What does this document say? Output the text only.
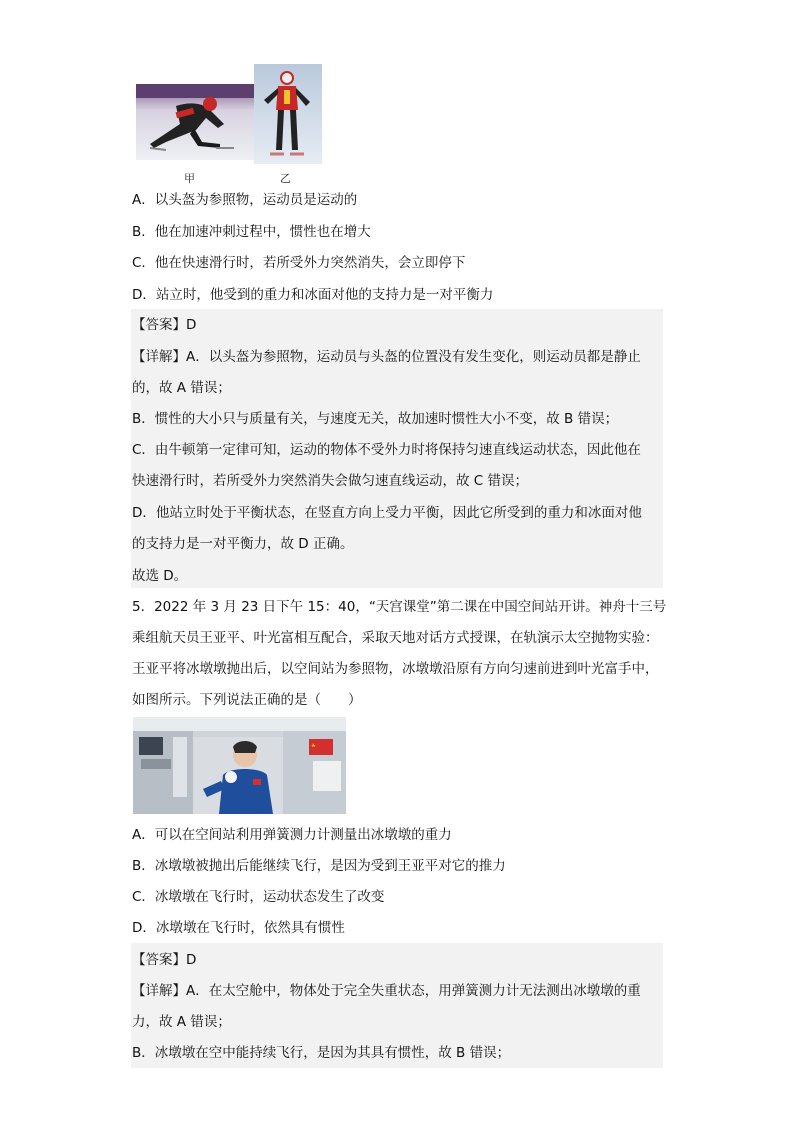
甲	乙
A．以头盔为参照物，运动员是运动的
B．他在加速冲刺过程中，惯性也在增大
C．他在快速滑行时，若所受外力突然消失，会立即停下
D．站立时，他受到的重力和冰面对他的支持力是一对平衡力
【答案】D
【详解】A．以头盔为参照物，运动员与头盔的位置没有发生变化，则运动员都是静止
的，故 A 错误；
B．惯性的大小只与质量有关，与速度无关，故加速时惯性大小不变，故 B 错误；
C．由牛顿第一定律可知，运动的物体不受外力时将保持匀速直线运动状态，因此他在
快速滑行时，若所受外力突然消失会做匀速直线运动，故 C 错误；
D．他站立时处于平衡状态，在竖直方向上受力平衡，因此它所受到的重力和冰面对他
的支持力是一对平衡力，故 D 正确。
故选 D。
5．2022 年 3 月 23 日下午 15：40，“天宫课堂”第二课在中国空间站开讲。神舟十三号
乘组航天员王亚平、叶光富相互配合，采取天地对话方式授课，在轨演示太空抛物实验：
王亚平将冰墩墩抛出后，以空间站为参照物，冰墩墩沿原有方向匀速前进到叶光富手中，
如图所示。下列说法正确的是（　　）
A．可以在空间站利用弹簧测力计测量出冰墩墩的重力
B．冰墩墩被抛出后能继续飞行，是因为受到王亚平对它的推力
C．冰墩墩在飞行时，运动状态发生了改变
D．冰墩墩在飞行时，依然具有惯性
【答案】D
【详解】A．在太空舱中，物体处于完全失重状态，用弹簧测力计无法测出冰墩墩的重
力，故 A 错误；
B．冰墩墩在空中能持续飞行，是因为其具有惯性，故 B 错误；
